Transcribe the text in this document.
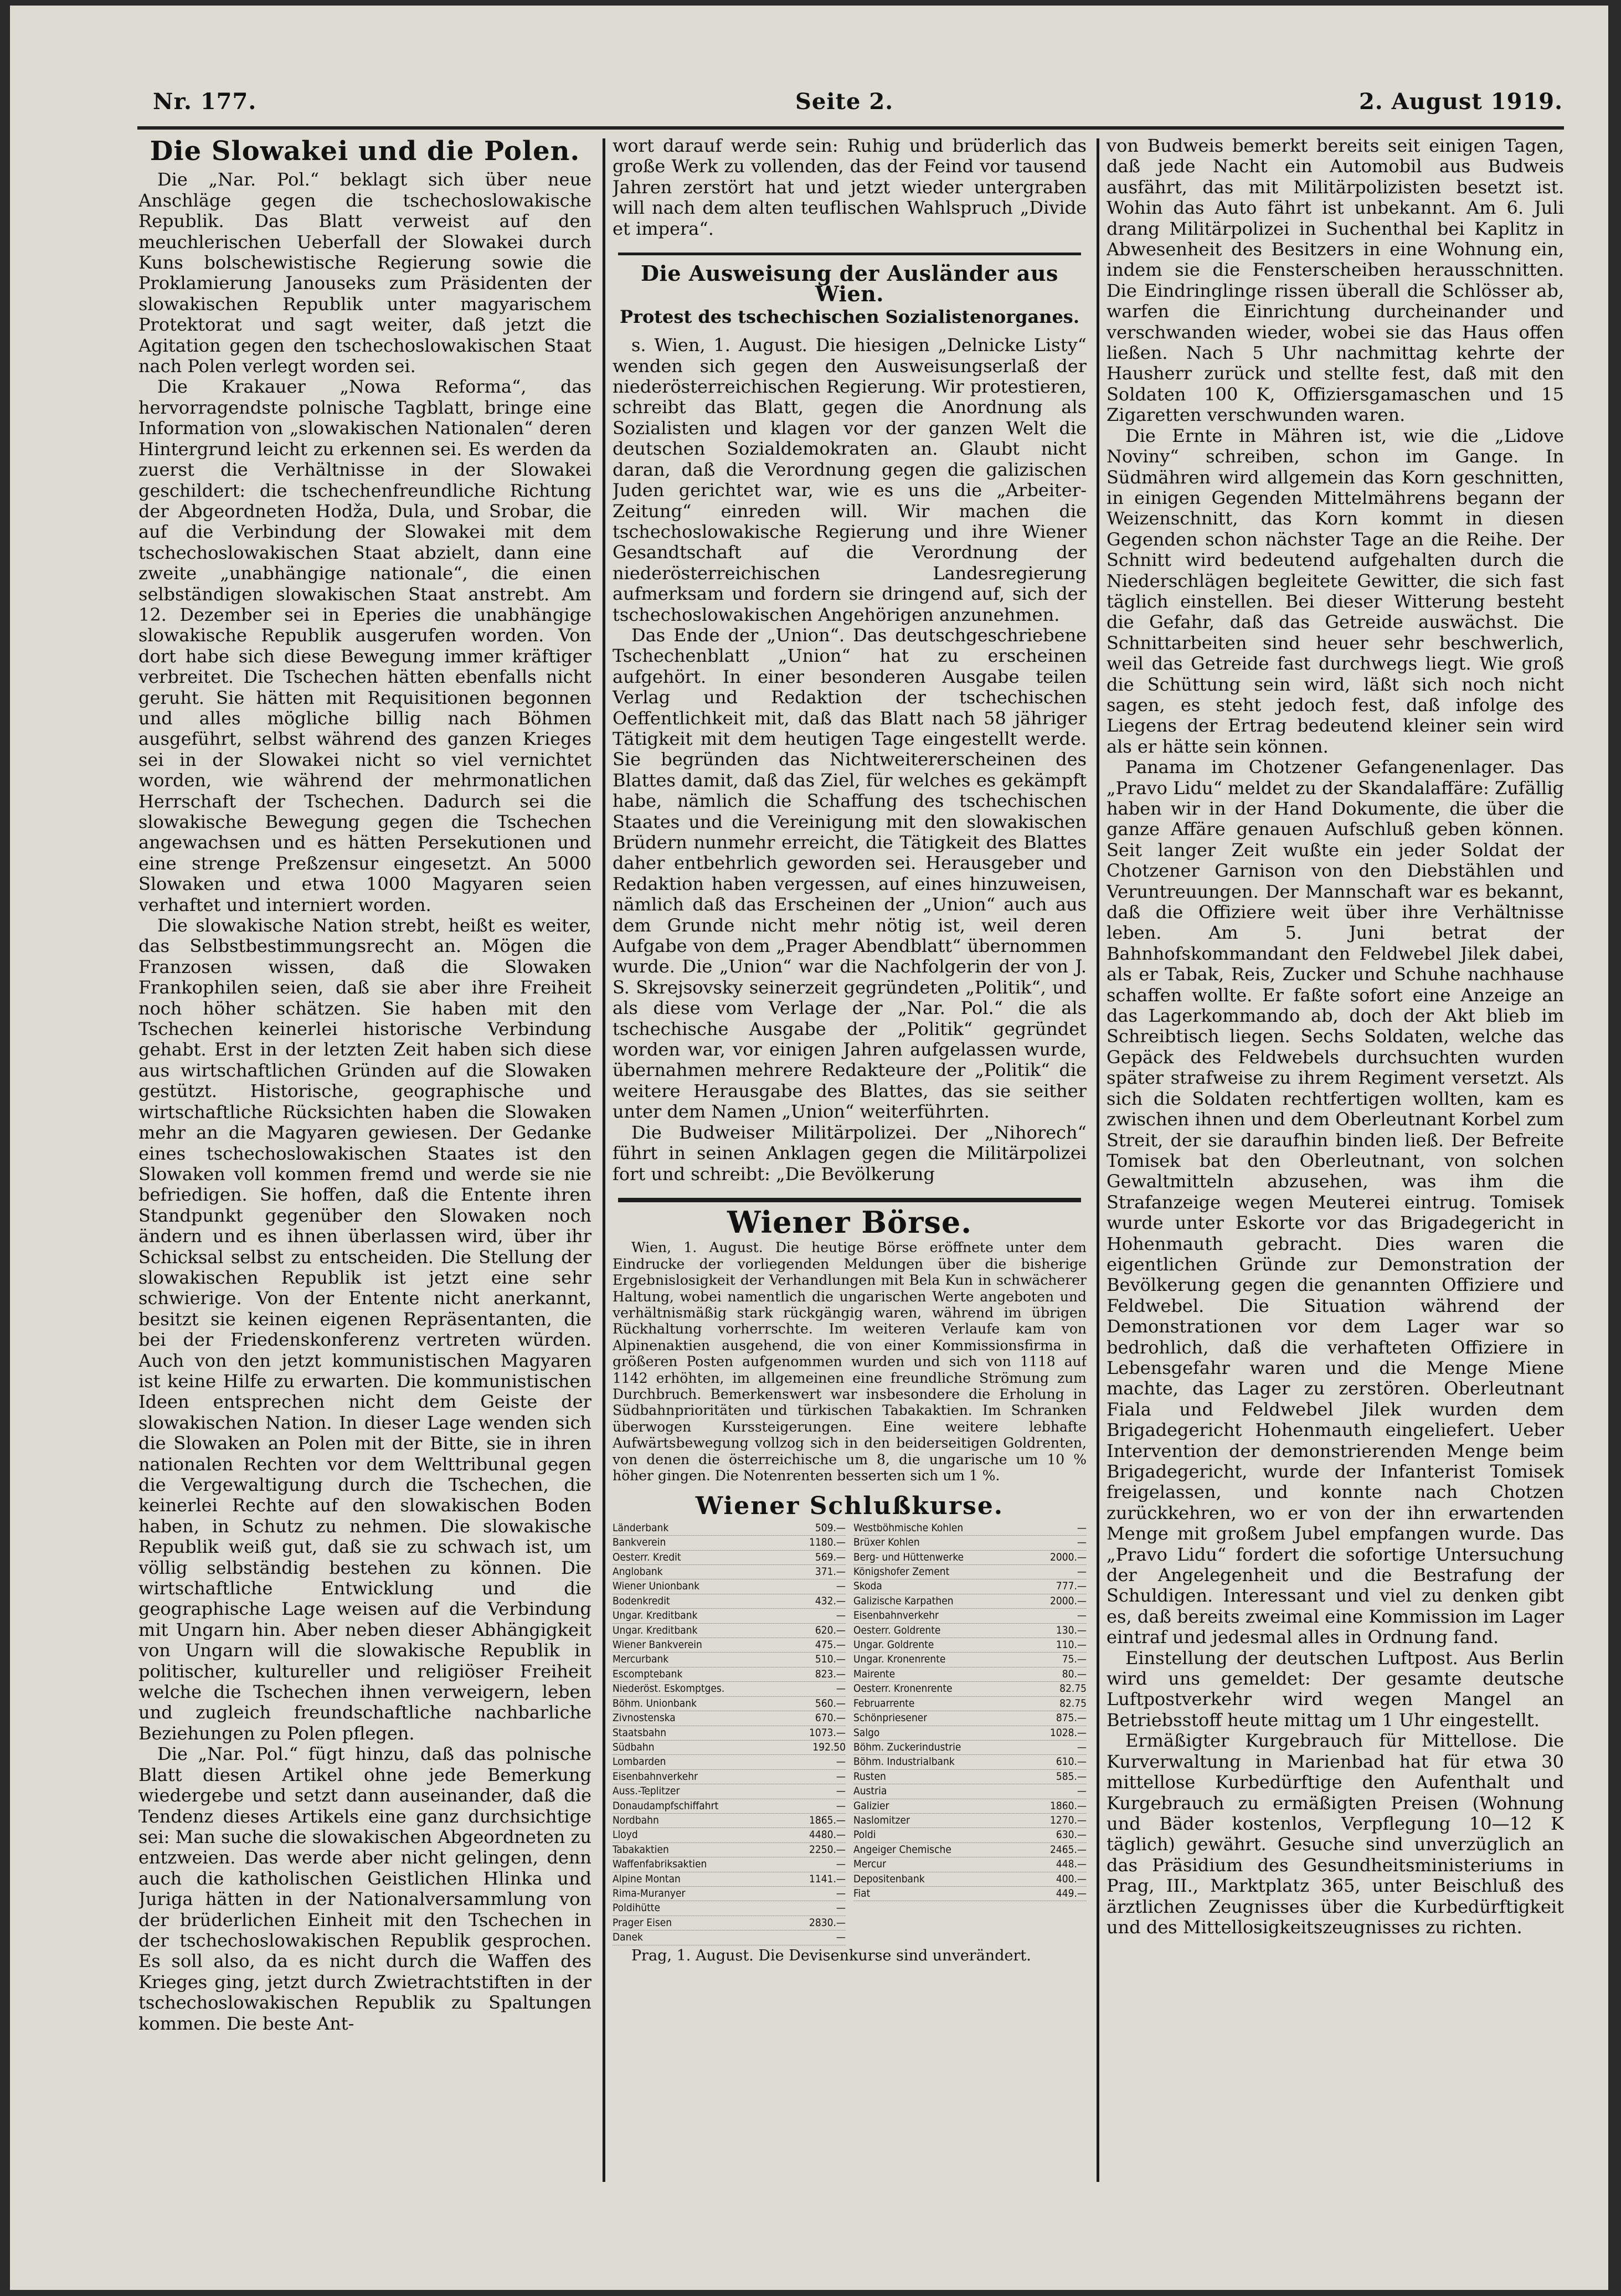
Nr. 177.	Seite 2.	2. August 1919.
Die Slowakei und die Polen.

Die „Nar. Pol.“ beklagt sich über neue Anschläge gegen die tschechoslowakische Republik. Das Blatt verweist auf den meuchlerischen Ueberfall der Slowakei durch Kuns bolschewistische Regierung sowie die Proklamierung Janouseks zum Präsidenten der slowakischen Republik unter magyarischem Protektorat und sagt weiter, daß jetzt die Agitation gegen den tschechoslowakischen Staat nach Polen verlegt worden sei.

Die Krakauer „Nowa Reforma“, das hervorragendste polnische Tagblatt, bringe eine Information von „slowakischen Nationalen“ deren Hintergrund leicht zu erkennen sei. Es werden da zuerst die Verhältnisse in der Slowakei geschildert: die tschechenfreundliche Richtung der Abgeordneten Hodža, Dula, und Srobar, die auf die Verbindung der Slowakei mit dem tschechoslowakischen Staat abzielt, dann eine zweite „unabhängige nationale“, die einen selbständigen slowakischen Staat anstrebt. Am 12. Dezember sei in Eperies die unabhängige slowakische Republik ausgerufen worden. Von dort habe sich diese Bewegung immer kräftiger verbreitet. Die Tschechen hätten ebenfalls nicht geruht. Sie hätten mit Requisitionen begonnen und alles mögliche billig nach Böhmen ausgeführt, selbst während des ganzen Krieges sei in der Slowakei nicht so viel vernichtet worden, wie während der mehrmonatlichen Herrschaft der Tschechen. Dadurch sei die slowakische Bewegung gegen die Tschechen angewachsen und es hätten Persekutionen und eine strenge Preßzensur eingesetzt. An 5000 Slowaken und etwa 1000 Magyaren seien verhaftet und interniert worden.

Die slowakische Nation strebt, heißt es weiter, das Selbstbestimmungsrecht an. Mögen die Franzosen wissen, daß die Slowaken Frankophilen seien, daß sie aber ihre Freiheit noch höher schätzen. Sie haben mit den Tschechen keinerlei historische Verbindung gehabt. Erst in der letzten Zeit haben sich diese aus wirtschaftlichen Gründen auf die Slowaken gestützt. Historische, geographische und wirtschaftliche Rücksichten haben die Slowaken mehr an die Magyaren gewiesen. Der Gedanke eines tschechoslowakischen Staates ist den Slowaken voll kommen fremd und werde sie nie befriedigen. Sie hoffen, daß die Entente ihren Standpunkt gegenüber den Slowaken noch ändern und es ihnen überlassen wird, über ihr Schicksal selbst zu entscheiden. Die Stellung der slowakischen Republik ist jetzt eine sehr schwierige. Von der Entente nicht anerkannt, besitzt sie keinen eigenen Repräsentanten, die bei der Friedenskonferenz vertreten würden. Auch von den jetzt kommunistischen Magyaren ist keine Hilfe zu erwarten. Die kommunistischen Ideen entsprechen nicht dem Geiste der slowakischen Nation. In dieser Lage wenden sich die Slowaken an Polen mit der Bitte, sie in ihren nationalen Rechten vor dem Welttribunal gegen die Vergewaltigung durch die Tschechen, die keinerlei Rechte auf den slowakischen Boden haben, in Schutz zu nehmen. Die slowakische Republik weiß gut, daß sie zu schwach ist, um völlig selbständig bestehen zu können. Die wirtschaftliche Entwicklung und die geographische Lage weisen auf die Verbindung mit Ungarn hin. Aber neben dieser Abhängigkeit von Ungarn will die slowakische Republik in politischer, kultureller und religiöser Freiheit welche die Tschechen ihnen verweigern, leben und zugleich freundschaftliche nachbarliche Beziehungen zu Polen pflegen.

Die „Nar. Pol.“ fügt hinzu, daß das polnische Blatt diesen Artikel ohne jede Bemerkung wiedergebe und setzt dann auseinander, daß die Tendenz dieses Artikels eine ganz durchsichtige sei: Man suche die slowakischen Abgeordneten zu entzweien. Das werde aber nicht gelingen, denn auch die katholischen Geistlichen Hlinka und Juriga hätten in der Nationalversammlung von der brüderlichen Einheit mit den Tschechen in der tschechoslowakischen Republik gesprochen. Es soll also, da es nicht durch die Waffen des Krieges ging, jetzt durch Zwietrachtstiften in der tschechoslowakischen Republik zu Spaltungen kommen. Die beste Ant-

wort darauf werde sein: Ruhig und brüderlich das große Werk zu vollenden, das der Feind vor tausend Jahren zerstört hat und jetzt wieder untergraben will nach dem alten teuflischen Wahlspruch „Divide et impera“.

Die Ausweisung der Ausländer aus Wien.
Protest des tschechischen Sozialistenorganes.

s. Wien, 1. August. Die hiesigen „Delnicke Listy“ wenden sich gegen den Ausweisungserlaß der niederösterreichischen Regierung. Wir protestieren, schreibt das Blatt, gegen die Anordnung als Sozialisten und klagen vor der ganzen Welt die deutschen Sozialdemokraten an. Glaubt nicht daran, daß die Verordnung gegen die galizischen Juden gerichtet war, wie es uns die „Arbeiter-Zeitung“ einreden will. Wir machen die tschechoslowakische Regierung und ihre Wiener Gesandtschaft auf die Verordnung der niederösterreichischen Landesregierung aufmerksam und fordern sie dringend auf, sich der tschechoslowakischen Angehörigen anzunehmen.

Das Ende der „Union“. Das deutschgeschriebene Tschechenblatt „Union“ hat zu erscheinen aufgehört. In einer besonderen Ausgabe teilen Verlag und Redaktion der tschechischen Oeffentlichkeit mit, daß das Blatt nach 58 jähriger Tätigkeit mit dem heutigen Tage eingestellt werde. Sie begründen das Nichtweitererscheinen des Blattes damit, daß das Ziel, für welches es gekämpft habe, nämlich die Schaffung des tschechischen Staates und die Vereinigung mit den slowakischen Brüdern nunmehr erreicht, die Tätigkeit des Blattes daher entbehrlich geworden sei. Herausgeber und Redaktion haben vergessen, auf eines hinzuweisen, nämlich daß das Erscheinen der „Union“ auch aus dem Grunde nicht mehr nötig ist, weil deren Aufgabe von dem „Prager Abendblatt“ übernommen wurde. Die „Union“ war die Nachfolgerin der von J. S. Skrejsovsky seinerzeit gegründeten „Politik“, und als diese vom Verlage der „Nar. Pol.“ die als tschechische Ausgabe der „Politik“ gegründet worden war, vor einigen Jahren aufgelassen wurde, übernahmen mehrere Redakteure der „Politik“ die weitere Herausgabe des Blattes, das sie seither unter dem Namen „Union“ weiterführten.

Die Budweiser Militärpolizei. Der „Nihorech“ führt in seinen Anklagen gegen die Militärpolizei fort und schreibt: „Die Bevölkerung

Wiener Börse.

Wien, 1. August. Die heutige Börse eröffnete unter dem Eindrucke der vorliegenden Meldungen über die bisherige Ergebnislosigkeit der Verhandlungen mit Bela Kun in schwächerer Haltung, wobei namentlich die ungarischen Werte angeboten und verhältnismäßig stark rückgängig waren, während im übrigen Rückhaltung vorherrschte. Im weiteren Verlaufe kam von Alpinenaktien ausgehend, die von einer Kommissionsfirma in größeren Posten aufgenommen wurden und sich von 1118 auf 1142 erhöhten, im allgemeinen eine freundliche Strömung zum Durchbruch. Bemerkenswert war insbesondere die Erholung in Südbahnprioritäten und türkischen Tabakaktien. Im Schranken überwogen Kurssteigerungen. Eine weitere lebhafte Aufwärtsbewegung vollzog sich in den beiderseitigen Goldrenten, von denen die österreichische um 8, die ungarische um 10 % höher gingen. Die Notenrenten besserten sich um 1 %.

Wiener Schlußkurse.
Länderbank	509.—
Bankverein	1180.—
Oesterr. Kredit	569.—
Anglobank	371.—
Wiener Unionbank	—
Bodenkredit	432.—
Ungar. Kreditbank	—
Ungar. Kreditbank	620.—
Wiener Bankverein	475.—
Mercurbank	510.—
Escomptebank	823.—
Niederöst. Eskomptges.	—
Böhm. Unionbank	560.—
Zivnostenska	670.—
Staatsbahn	1073.—
Südbahn	192.50
Lombarden	—
Eisenbahnverkehr	—
Auss.-Teplitzer	—
Donaudampfschiffahrt	—
Nordbahn	1865.—
Lloyd	4480.—
Tabakaktien	2250.—
Waffenfabriksaktien	—
Alpine Montan	1141.—
Rima-Muranyer	—
Poldihütte	—
Prager Eisen	2830.—
Danek	—
Westböhmische Kohlen	—
Brüxer Kohlen	—
Berg- und Hüttenwerke	2000.—
Königshofer Zement	—
Skoda	777.—
Galizische Karpathen	2000.—
Eisenbahnverkehr	—
Oesterr. Goldrente	130.—
Ungar. Goldrente	110.—
Ungar. Kronenrente	75.—
Mairente	80.—
Oesterr. Kronenrente	82.75
Februarrente	82.75
Schönpriesener	875.—
Salgo	1028.—
Böhm. Zuckerindustrie	—
Böhm. Industrialbank	610.—
Rusten	585.—
Austria	—
Galizier	1860.—
Naslomitzer	1270.—
Poldi	630.—
Angeiger Chemische	2465.—
Mercur	448.—
Depositenbank	400.—
Fiat	449.—

Prag, 1. August. Die Devisenkurse sind unverändert.

von Budweis bemerkt bereits seit einigen Tagen, daß jede Nacht ein Automobil aus Budweis ausfährt, das mit Militärpolizisten besetzt ist. Wohin das Auto fährt ist unbekannt. Am 6. Juli drang Militärpolizei in Suchenthal bei Kaplitz in Abwesenheit des Besitzers in eine Wohnung ein, indem sie die Fensterscheiben herausschnitten. Die Eindringlinge rissen überall die Schlösser ab, warfen die Einrichtung durcheinander und verschwanden wieder, wobei sie das Haus offen ließen. Nach 5 Uhr nachmittag kehrte der Hausherr zurück und stellte fest, daß mit den Soldaten 100 K, Offiziersgamaschen und 15 Zigaretten verschwunden waren.

Die Ernte in Mähren ist, wie die „Lidove Noviny“ schreiben, schon im Gange. In Südmähren wird allgemein das Korn geschnitten, in einigen Gegenden Mittelmährens begann der Weizenschnitt, das Korn kommt in diesen Gegenden schon nächster Tage an die Reihe. Der Schnitt wird bedeutend aufgehalten durch die Niederschlägen begleitete Gewitter, die sich fast täglich einstellen. Bei dieser Witterung besteht die Gefahr, daß das Getreide auswächst. Die Schnittarbeiten sind heuer sehr beschwerlich, weil das Getreide fast durchwegs liegt. Wie groß die Schüttung sein wird, läßt sich noch nicht sagen, es steht jedoch fest, daß infolge des Liegens der Ertrag bedeutend kleiner sein wird als er hätte sein können.

Panama im Chotzener Gefangenenlager. Das „Pravo Lidu“ meldet zu der Skandalaffäre: Zufällig haben wir in der Hand Dokumente, die über die ganze Affäre genauen Aufschluß geben können. Seit langer Zeit wußte ein jeder Soldat der Chotzener Garnison von den Diebstählen und Veruntreuungen. Der Mannschaft war es bekannt, daß die Offiziere weit über ihre Verhältnisse leben. Am 5. Juni betrat der Bahnhofskommandant den Feldwebel Jilek dabei, als er Tabak, Reis, Zucker und Schuhe nachhause schaffen wollte. Er faßte sofort eine Anzeige an das Lagerkommando ab, doch der Akt blieb im Schreibtisch liegen. Sechs Soldaten, welche das Gepäck des Feldwebels durchsuchten wurden später strafweise zu ihrem Regiment versetzt. Als sich die Soldaten rechtfertigen wollten, kam es zwischen ihnen und dem Oberleutnant Korbel zum Streit, der sie daraufhin binden ließ. Der Befreite Tomisek bat den Oberleutnant, von solchen Gewaltmitteln abzusehen, was ihm die Strafanzeige wegen Meuterei eintrug. Tomisek wurde unter Eskorte vor das Brigadegericht in Hohenmauth gebracht. Dies waren die eigentlichen Gründe zur Demonstration der Bevölkerung gegen die genannten Offiziere und Feldwebel. Die Situation während der Demonstrationen vor dem Lager war so bedrohlich, daß die verhafteten Offiziere in Lebensgefahr waren und die Menge Miene machte, das Lager zu zerstören. Oberleutnant Fiala und Feldwebel Jilek wurden dem Brigadegericht Hohenmauth eingeliefert. Ueber Intervention der demonstrierenden Menge beim Brigadegericht, wurde der Infanterist Tomisek freigelassen, und konnte nach Chotzen zurückkehren, wo er von der ihn erwartenden Menge mit großem Jubel empfangen wurde. Das „Pravo Lidu“ fordert die sofortige Untersuchung der Angelegenheit und die Bestrafung der Schuldigen. Interessant und viel zu denken gibt es, daß bereits zweimal eine Kommission im Lager eintraf und jedesmal alles in Ordnung fand.

Einstellung der deutschen Luftpost. Aus Berlin wird uns gemeldet: Der gesamte deutsche Luftpostverkehr wird wegen Mangel an Betriebsstoff heute mittag um 1 Uhr eingestellt.

Ermäßigter Kurgebrauch für Mittellose. Die Kurverwaltung in Marienbad hat für etwa 30 mittellose Kurbedürftige den Aufenthalt und Kurgebrauch zu ermäßigten Preisen (Wohnung und Bäder kostenlos, Verpflegung 10—12 K täglich) gewährt. Gesuche sind unverzüglich an das Präsidium des Gesundheitsministeriums in Prag, III., Marktplatz 365, unter Beischluß des ärztlichen Zeugnisses über die Kurbedürftigkeit und des Mittellosigkeitszeugnisses zu richten.
